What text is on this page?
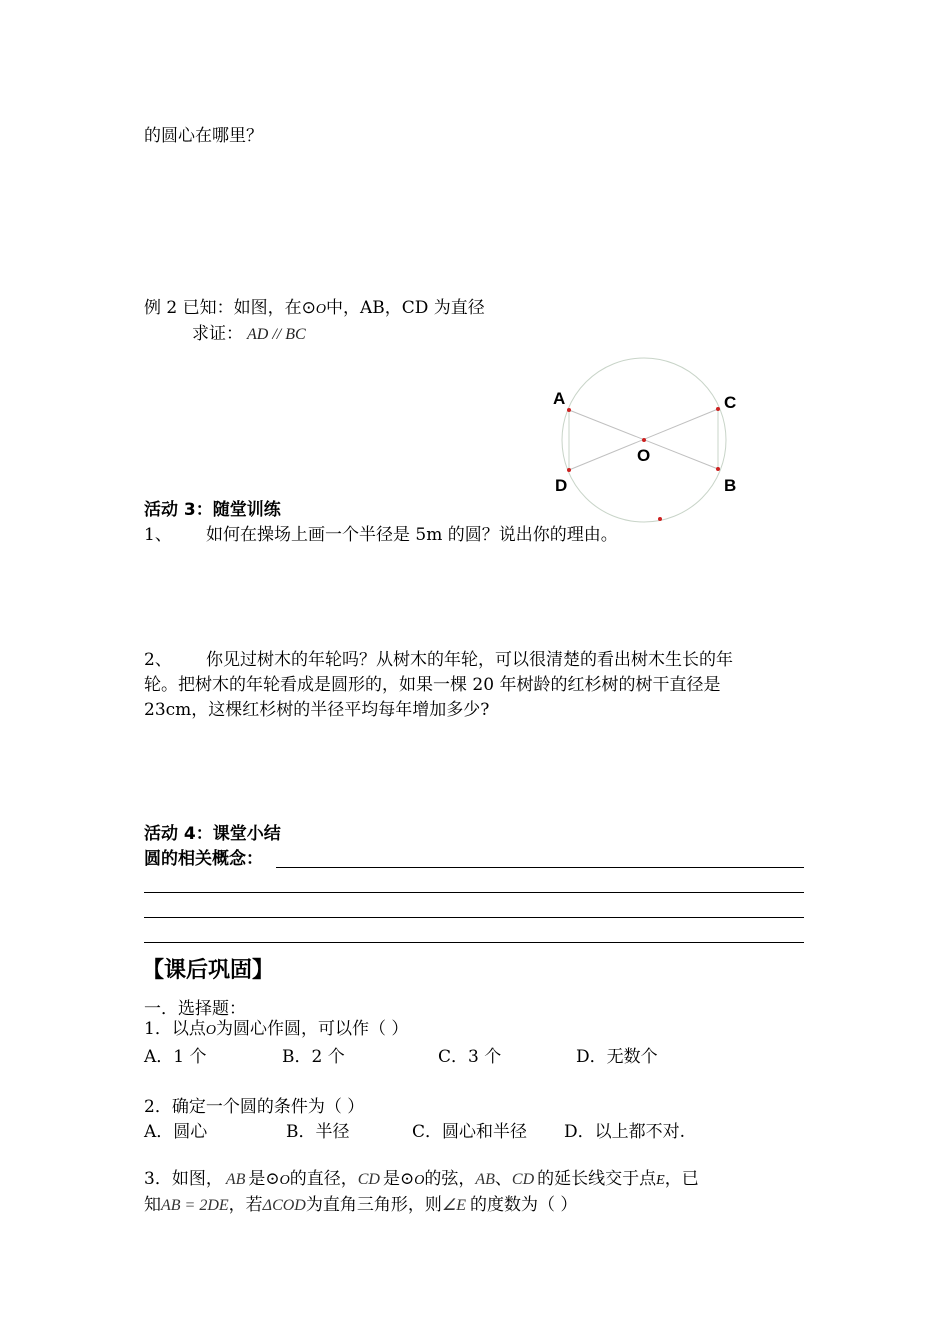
的圆心在哪里？
例 2 已知：如图，在⊙O中，AB，CD 为直径
求证： AD // BC
A	C
O
D	B
活动 3：随堂训练
1、 如何在操场上画一个半径是 5m 的圆？说出你的理由。
2、 你见过树木的年轮吗？从树木的年轮，可以很清楚的看出树木生长的年
轮。把树木的年轮看成是圆形的，如果一棵 20 年树龄的红杉树的树干直径是
23cm，这棵红杉树的半径平均每年增加多少?
活动 4：课堂小结
圆的相关概念：
【课后巩固】
一．选择题：
1．以点O为圆心作圆，可以作（ ）
A．1 个	B．2 个	C．3 个	D．无数个
2．确定一个圆的条件为（ ）
A．圆心	B．半径	C．圆心和半径 D．以上都不对.
3．如图， AB 是⊙O的直径，CD 是⊙O的弦，AB、CD 的延长线交于点E，已
知AB = 2DE，若ΔCOD为直角三角形，则∠E 的度数为（ ）
